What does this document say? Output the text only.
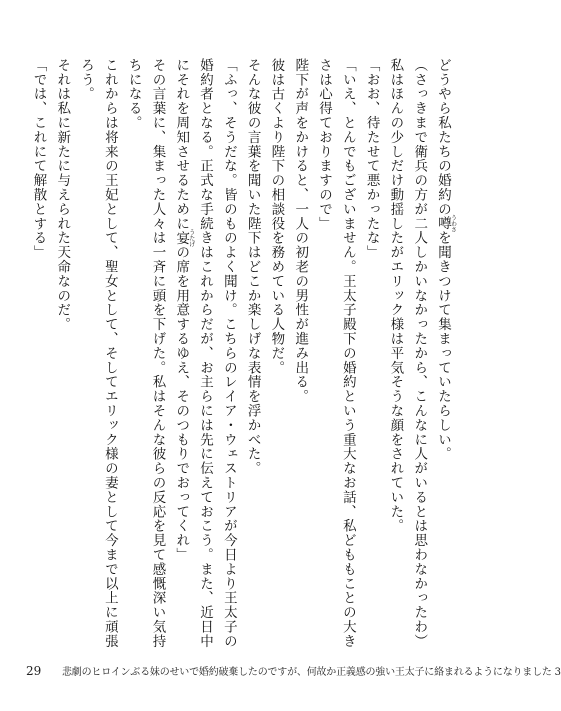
どうやら私たちの婚約の噂うわさを聞きつけて集まっていたらしい。

（さっきまで衛兵の方が二人しかいなかったから、こんなに人がいるとは思わなかったわ）

私はほんの少しだけ動揺したがエリック様は平気そうな顔をされていた。

「おお、待たせて悪かったな」

「いえ、とんでもございません。王太子殿下の婚約という重大なお話、私どももことの大きさは心得ておりますので」

陛下が声をかけると、一人の初老の男性が進み出る。

彼は古くより陛下の相談役を務めている人物だ。

そんな彼の言葉を聞いた陛下はどこか楽しげな表情を浮かべた。

「ふっ、そうだな。皆のものよく聞け。こちらのレイア・ウェストリアが今日より王太子の婚約者となる。正式な手続きはこれからだが、お主らには先に伝えておこう。また、近日中にそれを周知させるために宴うたげの席を用意するゆえ、そのつもりでおってくれ」

その言葉に、集まった人々は一斉に頭を下げた。私はそんな彼らの反応を見て感慨深い気持ちになる。

これからは将来の王妃として、聖女として、そしてエリック様の妻として今まで以上に頑張ろう。

それは私に新たに与えられた天命なのだ。

「では、これにて解散とする」

29 悲劇のヒロインぶる妹のせいで婚約破棄したのですが、何故か正義感の強い王太子に絡まれるようになりました 3
